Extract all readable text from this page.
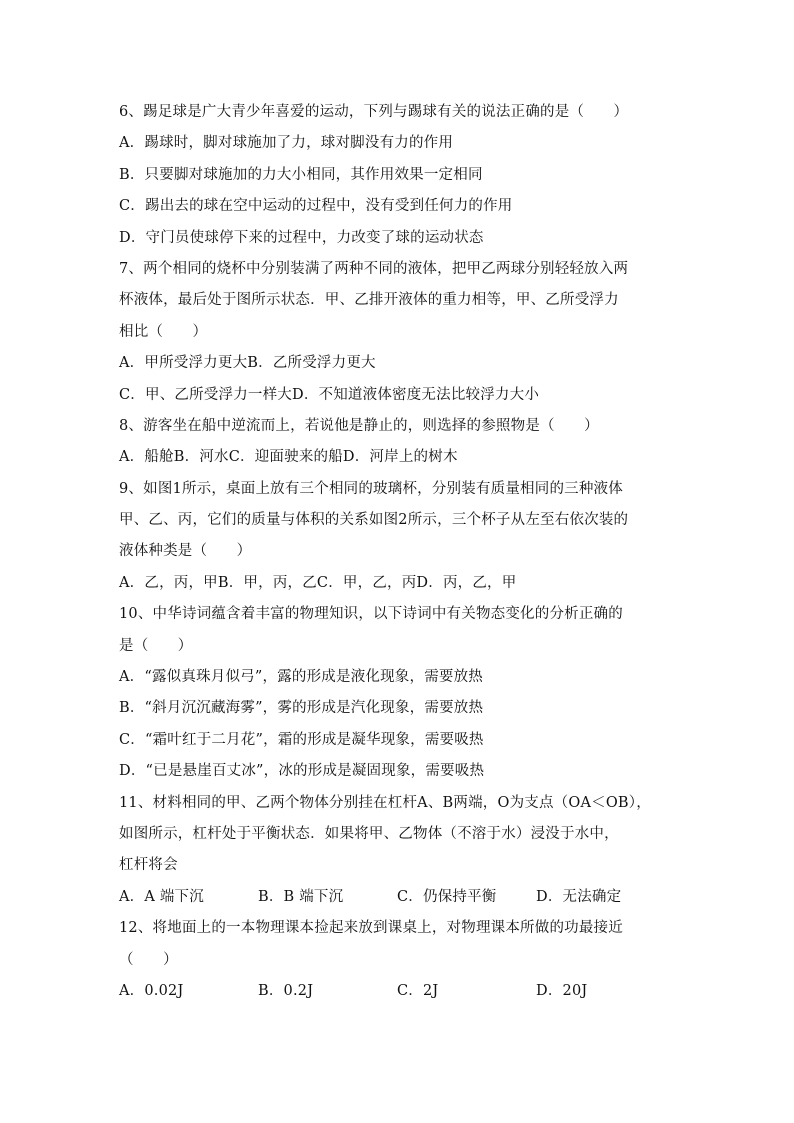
6、踢足球是广大青少年喜爱的运动，下列与踢球有关的说法正确的是（　　）
A．踢球时，脚对球施加了力，球对脚没有力的作用
B．只要脚对球施加的力大小相同，其作用效果一定相同
C．踢出去的球在空中运动的过程中，没有受到任何力的作用
D．守门员使球停下来的过程中，力改变了球的运动状态
7、两个相同的烧杯中分别装满了两种不同的液体，把甲乙两球分别轻轻放入两
杯液体，最后处于图所示状态．甲、乙排开液体的重力相等，甲、乙所受浮力
相比（　　）
A．甲所受浮力更大B．乙所受浮力更大
C．甲、乙所受浮力一样大D．不知道液体密度无法比较浮力大小
8、游客坐在船中逆流而上，若说他是静止的，则选择的参照物是（　　）
A．船舱B．河水C．迎面驶来的船D．河岸上的树木
9、如图1所示，桌面上放有三个相同的玻璃杯，分别装有质量相同的三种液体
甲、乙、丙，它们的质量与体积的关系如图2所示，三个杯子从左至右依次装的
液体种类是（　　）
A．乙，丙，甲B．甲，丙，乙C．甲，乙，丙D．丙，乙，甲
10、中华诗词蕴含着丰富的物理知识，以下诗词中有关物态变化的分析正确的
是（　　）
A．“露似真珠月似弓”，露的形成是液化现象，需要放热
B．“斜月沉沉藏海雾”，雾的形成是汽化现象，需要放热
C．“霜叶红于二月花”，霜的形成是凝华现象，需要吸热
D．“已是悬崖百丈冰”，冰的形成是凝固现象，需要吸热
11、材料相同的甲、乙两个物体分别挂在杠杆A、B两端，O为支点（OA＜OB），
如图所示，杠杆处于平衡状态．如果将甲、乙物体（不溶于水）浸没于水中，
杠杆将会
A．A 端下沉	B．B 端下沉	C．仍保持平衡	D．无法确定
12、将地面上的一本物理课本捡起来放到课桌上，对物理课本所做的功最接近
（　　）
A．0.02J	B．0.2J	C．2J	D．20J
